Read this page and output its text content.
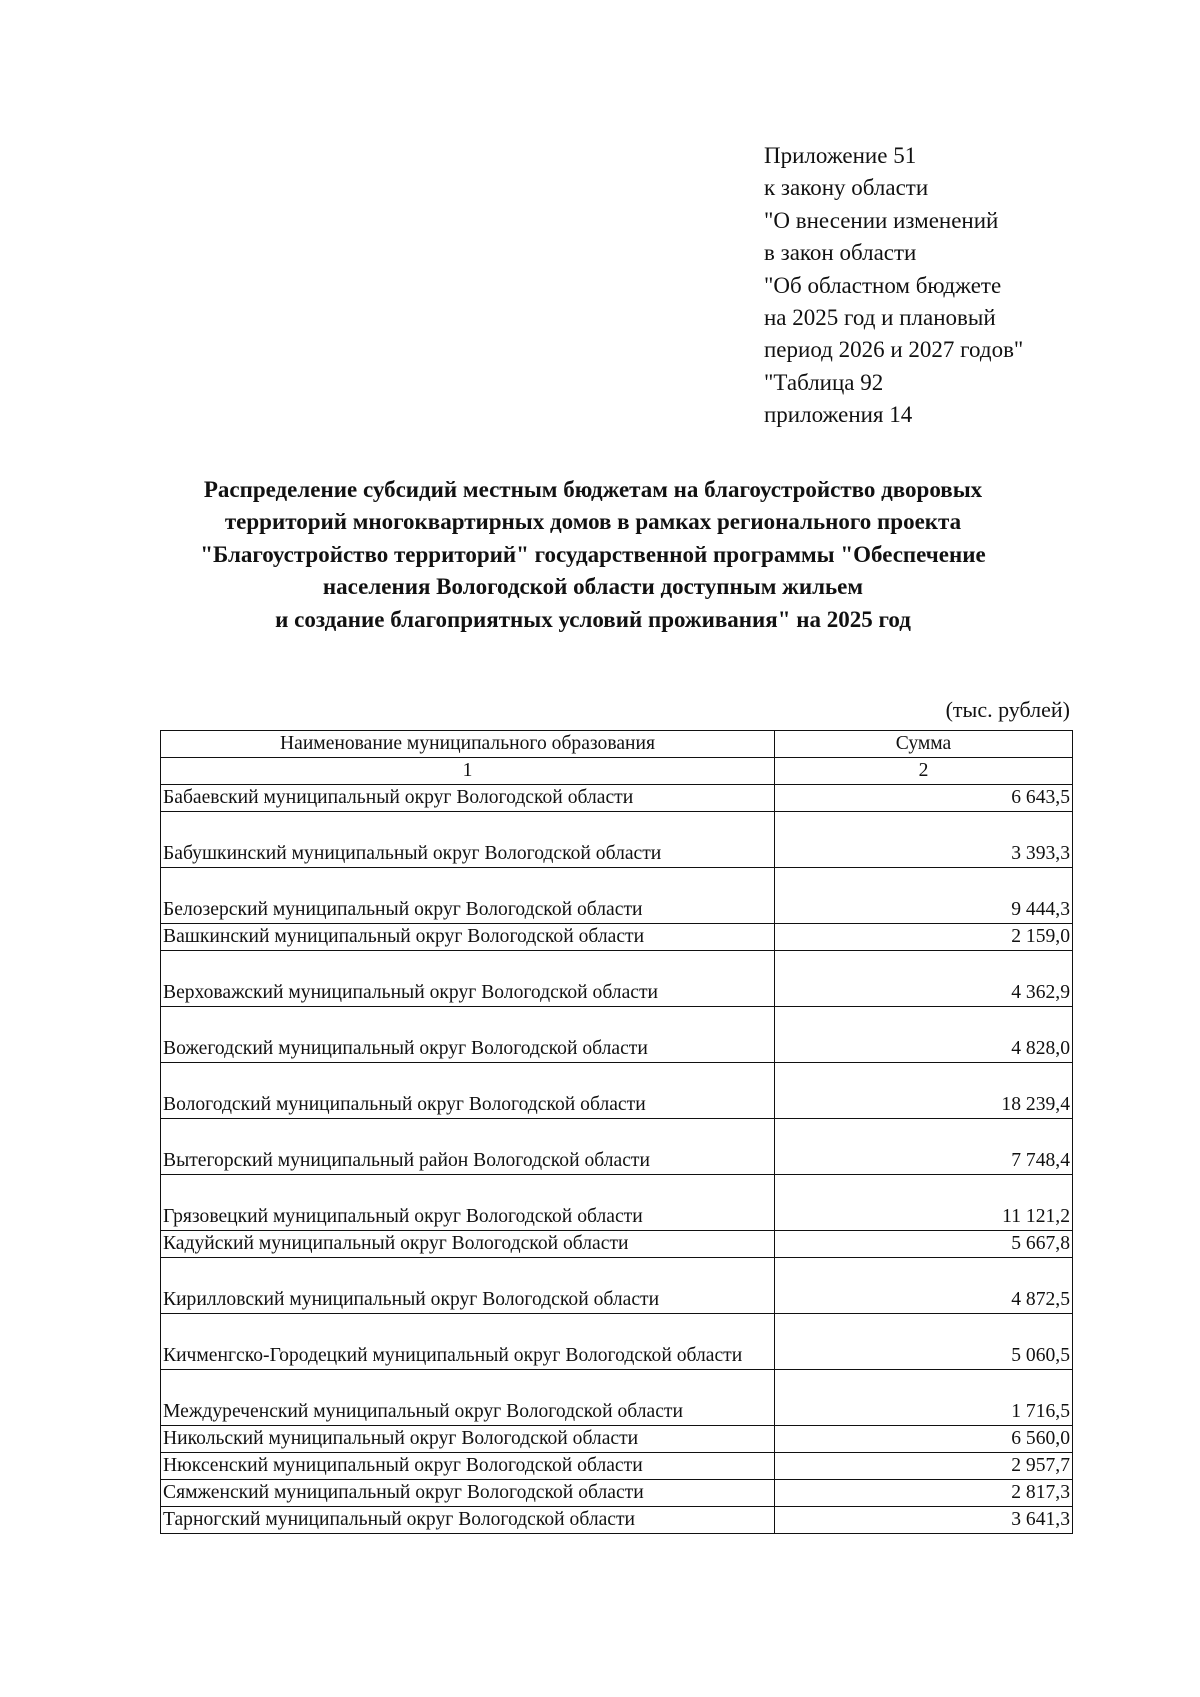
Приложение 51
к закону области
"О внесении изменений
в закон области
"Об областном бюджете
на 2025 год и плановый
период 2026 и 2027 годов"
"Таблица 92
приложения 14
Распределение субсидий местным бюджетам на благоустройство дворовых
территорий многоквартирных домов в рамках регионального проекта
"Благоустройство территорий" государственной программы "Обеспечение
населения Вологодской области доступным жильем
и создание благоприятных условий проживания" на 2025 год
(тыс. рублей)
Наименование муниципального образования	Сумма
1	2
Бабаевский муниципальный округ Вологодской области	6 643,5
Бабушкинский муниципальный округ Вологодской области	3 393,3
Белозерский муниципальный округ Вологодской области	9 444,3
Вашкинский муниципальный округ Вологодской области	2 159,0
Верховажский муниципальный округ Вологодской области	4 362,9
Вожегодский муниципальный округ Вологодской области	4 828,0
Вологодский муниципальный округ Вологодской области	18 239,4
Вытегорский муниципальный район Вологодской области	7 748,4
Грязовецкий муниципальный округ Вологодской области	11 121,2
Кадуйский муниципальный округ Вологодской области	5 667,8
Кирилловский муниципальный округ Вологодской области	4 872,5
Кичменгско-Городецкий муниципальный округ Вологодской области	5 060,5
Междуреченский муниципальный округ Вологодской области	1 716,5
Никольский муниципальный округ Вологодской области	6 560,0
Нюксенский муниципальный округ Вологодской области	2 957,7
Сямженский муниципальный округ Вологодской области	2 817,3
Тарногский муниципальный округ Вологодской области	3 641,3
